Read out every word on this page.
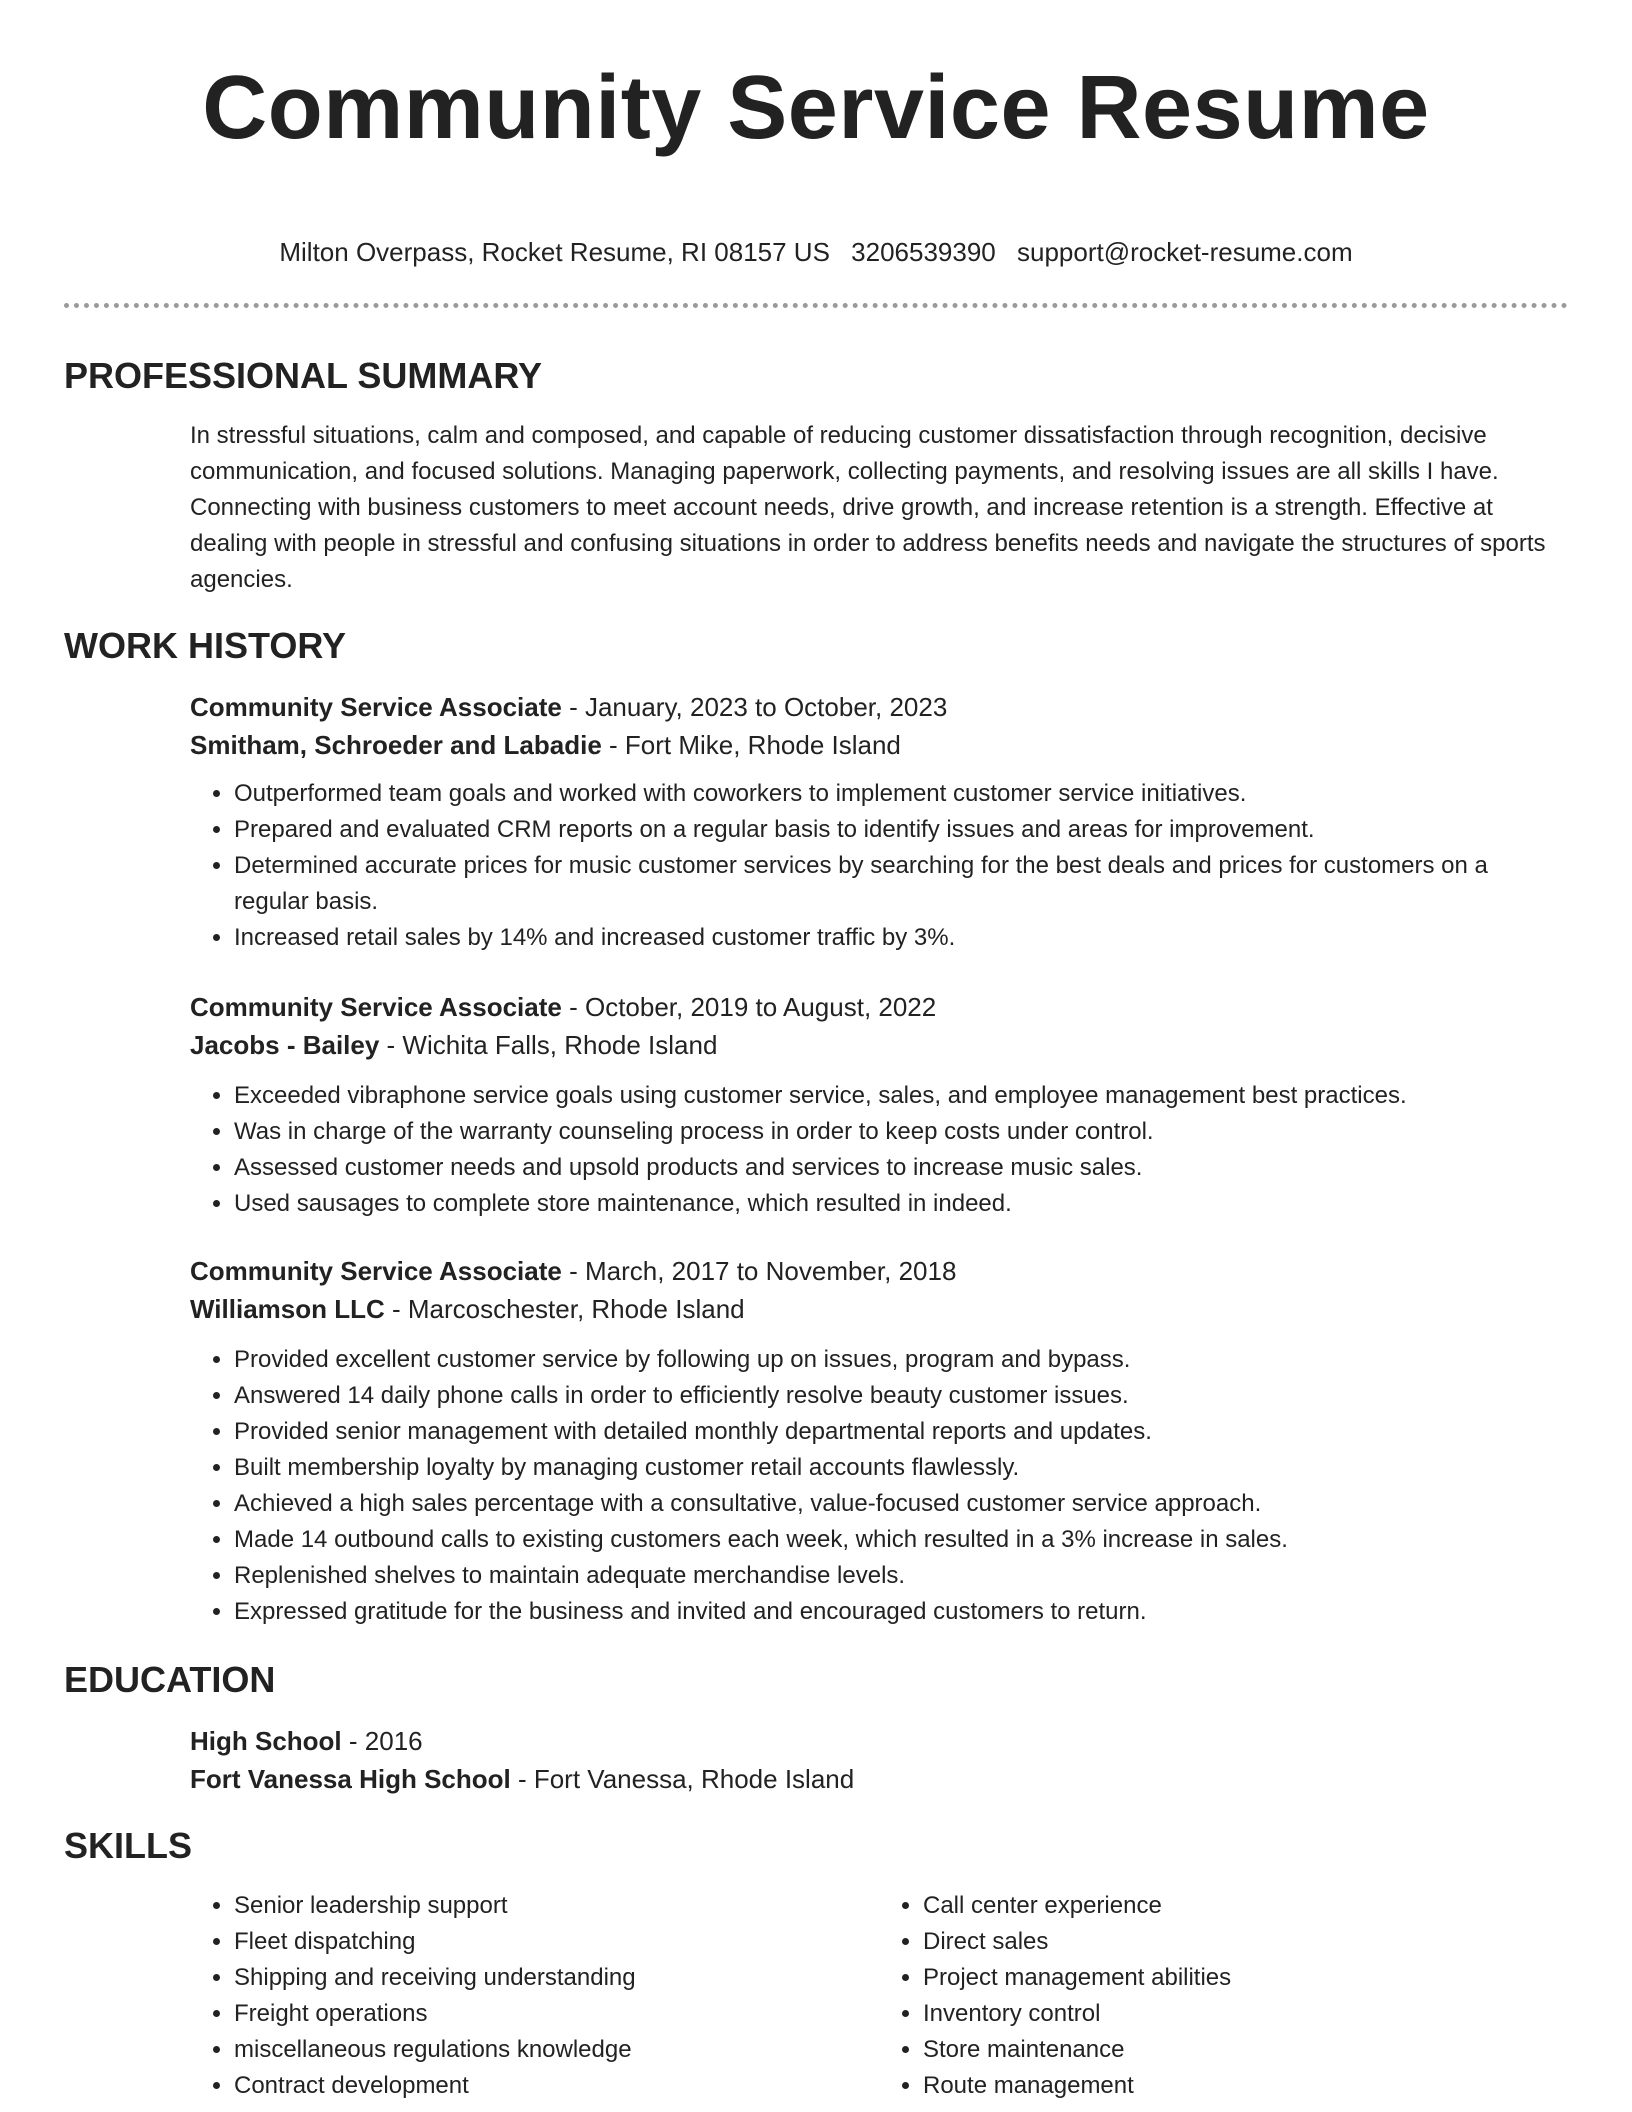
Community Service Resume
Milton Overpass, Rocket Resume, RI 08157 US 3206539390 support@rocket-resume.com
PROFESSIONAL SUMMARY

In stressful situations, calm and composed, and capable of reducing customer dissatisfaction through recognition, decisive communication, and focused solutions. Managing paperwork, collecting payments, and resolving issues are all skills I have. Connecting with business customers to meet account needs, drive growth, and increase retention is a strength. Effective at dealing with people in stressful and confusing situations in order to address benefits needs and navigate the structures of sports agencies.

WORK HISTORY

Community Service Associate - January, 2023 to October, 2023

Smitham, Schroeder and Labadie - Fort Mike, Rhode Island

• Outperformed team goals and worked with coworkers to implement customer service initiatives.
• Prepared and evaluated CRM reports on a regular basis to identify issues and areas for improvement.
• Determined accurate prices for music customer services by searching for the best deals and prices for customers on a regular basis.
• Increased retail sales by 14% and increased customer traffic by 3%.

Community Service Associate - October, 2019 to August, 2022

Jacobs - Bailey - Wichita Falls, Rhode Island

• Exceeded vibraphone service goals using customer service, sales, and employee management best practices.
• Was in charge of the warranty counseling process in order to keep costs under control.
• Assessed customer needs and upsold products and services to increase music sales.
• Used sausages to complete store maintenance, which resulted in indeed.

Community Service Associate - March, 2017 to November, 2018

Williamson LLC - Marcoschester, Rhode Island

• Provided excellent customer service by following up on issues, program and bypass.
• Answered 14 daily phone calls in order to efficiently resolve beauty customer issues.
• Provided senior management with detailed monthly departmental reports and updates.
• Built membership loyalty by managing customer retail accounts flawlessly.
• Achieved a high sales percentage with a consultative, value-focused customer service approach.
• Made 14 outbound calls to existing customers each week, which resulted in a 3% increase in sales.
• Replenished shelves to maintain adequate merchandise levels.
• Expressed gratitude for the business and invited and encouraged customers to return.
EDUCATION

High School - 2016

Fort Vanessa High School - Fort Vanessa, Rhode Island

SKILLS
• Senior leadership support
• Fleet dispatching
• Shipping and receiving understanding
• Freight operations
• miscellaneous regulations knowledge
• Contract development
• Call center experience
• Direct sales
• Project management abilities
• Inventory control
• Store maintenance
• Route management
